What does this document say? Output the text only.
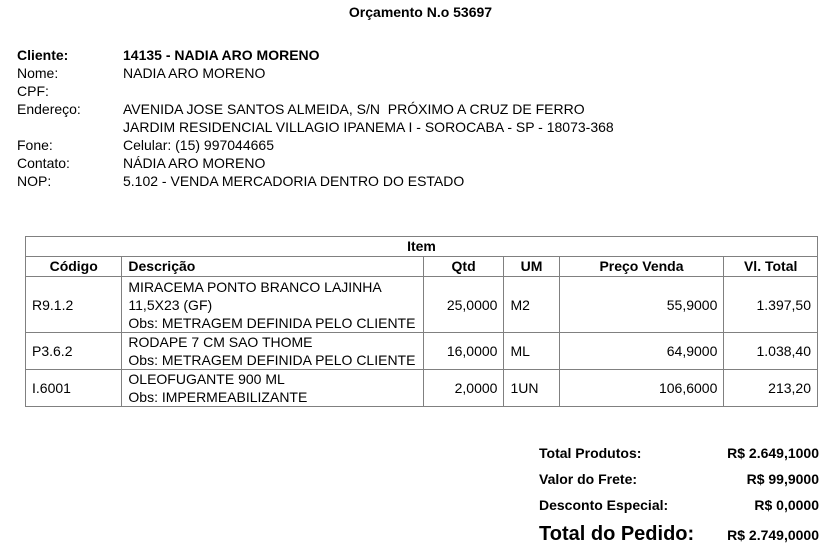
Orçamento N.o 53697
Cliente:	14135 - NADIA ARO MORENO
Nome:	NADIA ARO MORENO
CPF:
Endereço:	AVENIDA JOSE SANTOS ALMEIDA, S/N  PRÓXIMO A CRUZ DE FERRO
JARDIM RESIDENCIAL VILLAGIO IPANEMA I - SOROCABA - SP - 18073-368
Fone:	Celular: (15) 997044665
Contato:	NÁDIA ARO MORENO
NOP:	5.102 - VENDA MERCADORIA DENTRO DO ESTADO
Item					
Código	Descrição	Qtd	UM	Preço Venda	Vl. Total
R9.1.2	MIRACEMA PONTO BRANCO LAJINHA
11,5X23 (GF)
Obs: METRAGEM DEFINIDA PELO CLIENTE	25,0000	M2	55,9000	1.397,50
P3.6.2	RODAPE 7 CM SAO THOME
Obs: METRAGEM DEFINIDA PELO CLIENTE	16,0000	ML	64,9000	1.038,40
I.6001	OLEOFUGANTE 900 ML
Obs: IMPERMEABILIZANTE	2,0000	1UN	106,6000	213,20
Total Produtos:	R$ 2.649,1000
Valor do Frete:	R$ 99,9000
Desconto Especial:	R$ 0,0000
Total do Pedido: R$ 2.749,0000
